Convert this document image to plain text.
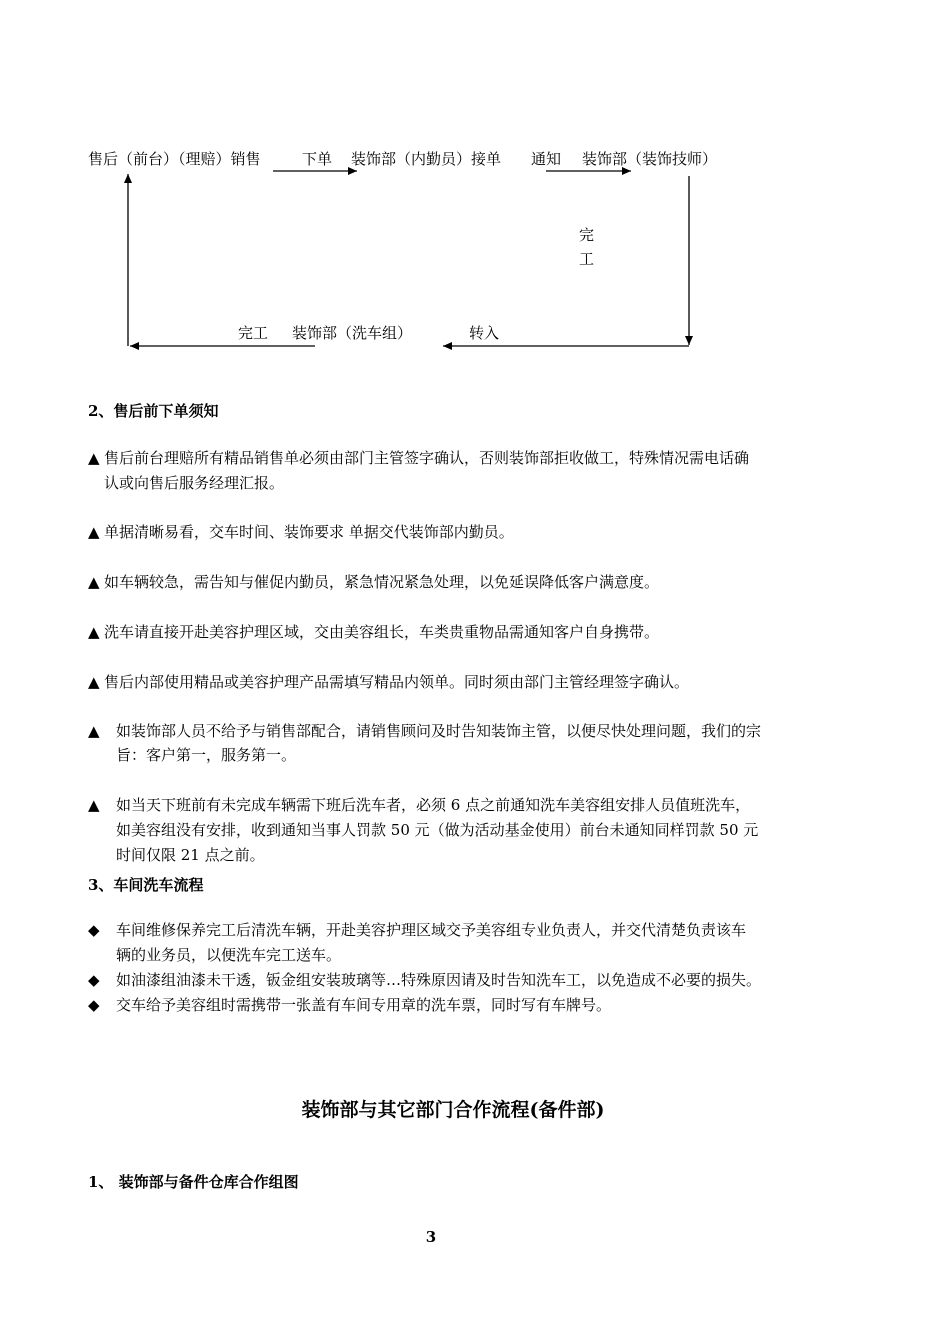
售后（前台）（理赔）销售	下单 装饰部（内勤员）接单 通知 装饰部（装饰技师）
完
工
转入
装饰部（洗车组）
完工
2、售后前下单须知
▲ 售后前台理赔所有精品销售单必须由部门主管签字确认，否则装饰部拒收做工，特殊情况需电话确
认或向售后服务经理汇报。
▲ 单据清晰易看，交车时间、装饰要求 单据交代装饰部内勤员。
▲ 如车辆较急，需告知与催促内勤员，紧急情况紧急处理，以免延误降低客户满意度。
▲ 洗车请直接开赴美容护理区域，交由美容组长，车类贵重物品需通知客户自身携带。
▲ 售后内部使用精品或美容护理产品需填写精品内领单。同时须由部门主管经理签字确认。
▲ 如装饰部人员不给予与销售部配合，请销售顾问及时告知装饰主管，以便尽快处理问题，我们的宗
旨：客户第一，服务第一。
▲ 如当天下班前有未完成车辆需下班后洗车者，必须 6 点之前通知洗车美容组安排人员值班洗车，
如美容组没有安排，收到通知当事人罚款 50 元（做为活动基金使用）前台未通知同样罚款 50 元
时间仅限 21 点之前。
3、车间洗车流程
◆ 车间维修保养完工后清洗车辆，开赴美容护理区域交予美容组专业负责人，并交代清楚负责该车
辆的业务员，以便洗车完工送车。
◆ 如油漆组油漆未干透，钣金组安装玻璃等…特殊原因请及时告知洗车工，以免造成不必要的损失。
◆ 交车给予美容组时需携带一张盖有车间专用章的洗车票，同时写有车牌号。
装饰部与其它部门合作流程(备件部)
1、 装饰部与备件仓库合作组图
3
